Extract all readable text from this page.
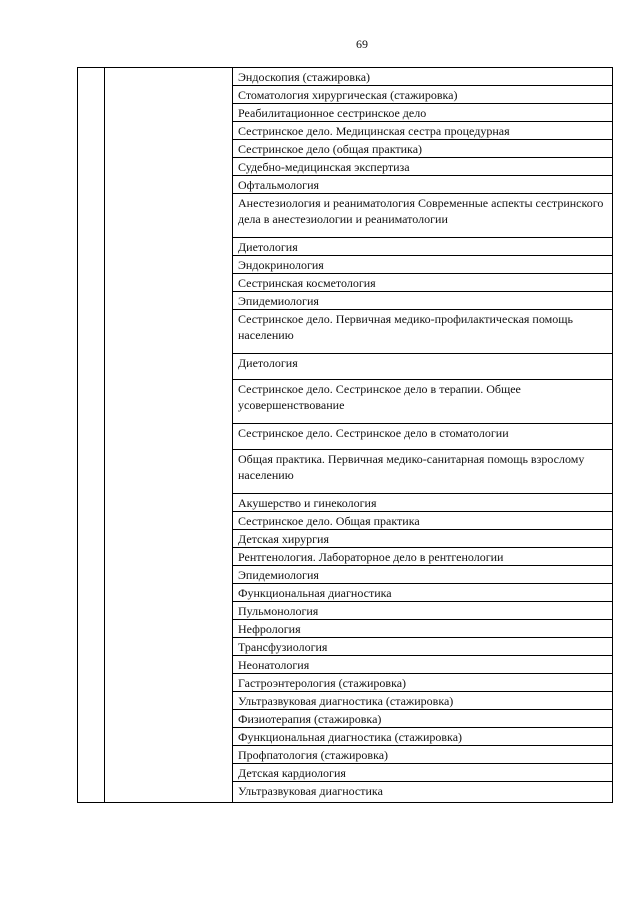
69
Эндоскопия (стажировка)
Стоматология хирургическая (стажировка)
Реабилитационное сестринское дело
Сестринское дело. Медицинская сестра процедурная
Сестринское дело (общая практика)
Судебно-медицинская экспертиза
Офтальмология
Анестезиология и реаниматология Современные аспекты сестринского дела в анестезиологии и реаниматологии
Диетология
Эндокринология
Сестринская косметология
Эпидемиология
Сестринское дело. Первичная медико-профилактическая помощь населению
Диетология
Сестринское дело. Сестринское дело в терапии. Общее усовершенствование
Сестринское дело. Сестринское дело в стоматологии
Общая практика. Первичная медико-санитарная помощь взрослому населению
Акушерство и гинекология
Сестринское дело. Общая практика
Детская хирургия
Рентгенология. Лабораторное дело в рентгенологии
Эпидемиология
Функциональная диагностика
Пульмонология
Нефрология
Трансфузиология
Неонатология
Гастроэнтерология (стажировка)
Ультразвуковая диагностика (стажировка)
Физиотерапия (стажировка)
Функциональная диагностика (стажировка)
Профпатология (стажировка)
Детская кардиология
Ультразвуковая диагностика
